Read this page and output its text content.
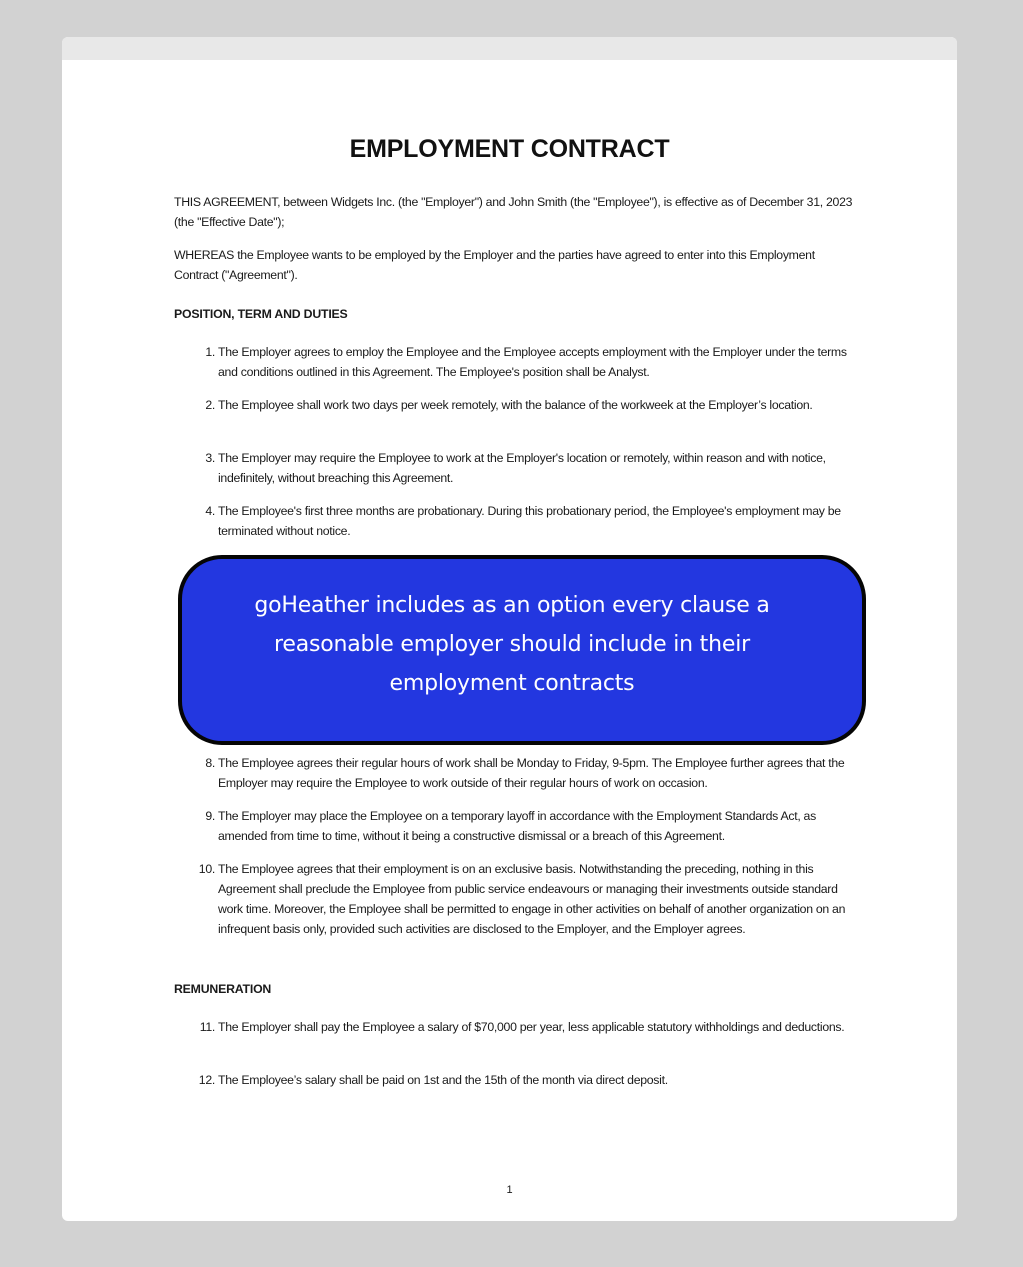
EMPLOYMENT CONTRACT
THIS AGREEMENT, between Widgets Inc. (the "Employer") and John Smith (the "Employee"), is effective as of December 31, 2023 (the "Effective Date");
WHEREAS the Employee wants to be employed by the Employer and the parties have agreed to enter into this Employment Contract ("Agreement").
POSITION, TERM AND DUTIES
1. The Employer agrees to employ the Employee and the Employee accepts employment with the Employer under the terms and conditions outlined in this Agreement. The Employee's position shall be Analyst.
2. The Employee shall work two days per week remotely, with the balance of the workweek at the Employer’s location.
3. The Employer may require the Employee to work at the Employer's location or remotely, within reason and with notice, indefinitely, without breaching this Agreement.
4. The Employee's first three months are probationary. During this probationary period, the Employee's employment may be terminated without notice.
8. The Employee agrees their regular hours of work shall be Monday to Friday, 9-5pm. The Employee further agrees that the Employer may require the Employee to work outside of their regular hours of work on occasion.
9. The Employer may place the Employee on a temporary layoff in accordance with the Employment Standards Act, as amended from time to time, without it being a constructive dismissal or a breach of this Agreement.
10. The Employee agrees that their employment is on an exclusive basis. Notwithstanding the preceding, nothing in this Agreement shall preclude the Employee from public service endeavours or managing their investments outside standard work time. Moreover, the Employee shall be permitted to engage in other activities on behalf of another organization on an infrequent basis only, provided such activities are disclosed to the Employer, and the Employer agrees.
REMUNERATION
11. The Employer shall pay the Employee a salary of $70,000 per year, less applicable statutory withholdings and deductions.
12. The Employee’s salary shall be paid on 1st and the 15th of the month via direct deposit.
1
goHeather includes as an option every clause a reasonable employer should include in their employment contracts
